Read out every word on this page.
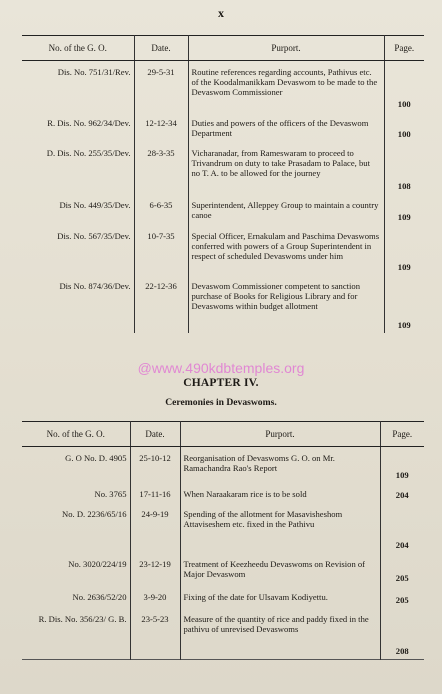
x
No. of the G. O.	Date.	Purport.	Page.
Dis. No. 751/31/Rev.	29-5-31	Routine references regarding accounts, Pathivus etc. of the Koodalmanikkam Devaswom to be made to the Devaswom Commissioner	100
R. Dis. No. 962/34/Dev.	12-12-34	Duties and powers of the officers of the Devaswom Department	100
D. Dis. No. 255/35/Dev.	28-3-35	Vicharanadar, from Rameswaram to proceed to Trivandrum on duty to take Prasadam to Palace, but no T. A. to be allowed for the journey	108
Dis No. 449/35/Dev.	6-6-35	Superintendent, Alleppey Group to maintain a country canoe	109
Dis. No. 567/35/Dev.	10-7-35	Special Officer, Ernakulam and Paschima Devaswoms conferred with powers of a Group Superintendent in respect of scheduled Devaswoms under him	109
Dis No. 874/36/Dev.	22-12-36	Devaswom Commissioner competent to sanction purchase of Books for Religious Library and for Devaswoms within budget allotment	109
@www.490kdbtemples.org
CHAPTER IV.
Ceremonies in Devaswoms.
No. of the G. O.	Date.	Purport.	Page.
G. O No. D. 4905	25-10-12	Reorganisation of Devaswoms G. O. on Mr. Ramachandra Rao's Report	109
No. 3765	17-11-16	When Naraakaram rice is to be sold	204
No. D. 2236/65/16	24-9-19	Spending of the allotment for Masavisheshom Attaviseshem etc. fixed in the Pathivu	204
No. 3020/224/19	23-12-19	Treatment of Keezheedu Devaswoms on Revision of Major Devaswom	205
No. 2636/52/20	3-9-20	Fixing of the date for Ulsavam Kodiyettu.	205
R. Dis. No. 356/23/ G. B.	23-5-23	Measure of the quantity of rice and paddy fixed in the pathivu of unrevised Devaswoms	208
